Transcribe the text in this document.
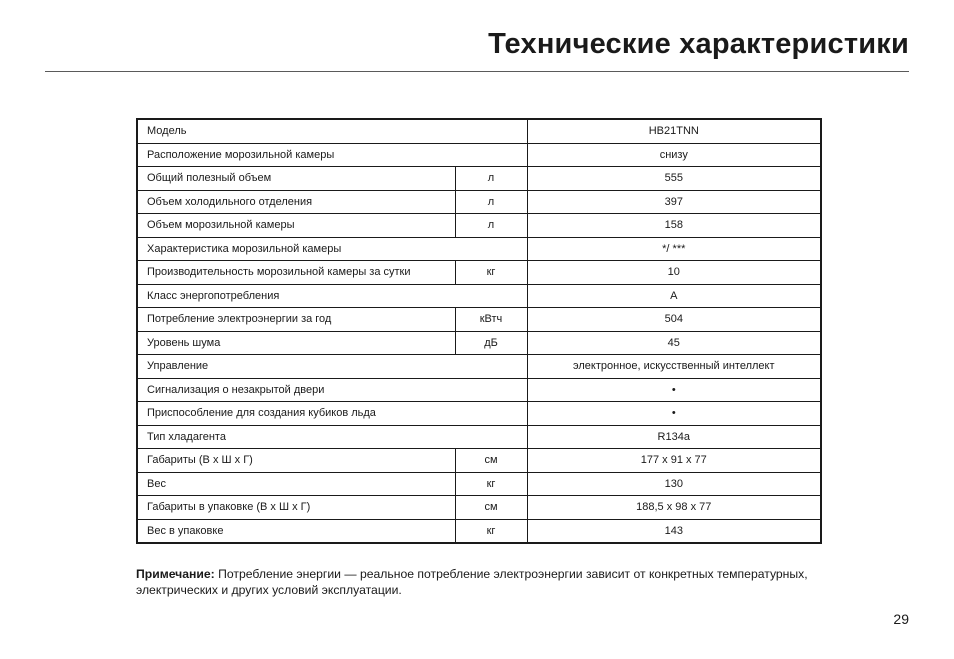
Технические характеристики
Модель		HB21TNN
Расположение морозильной камеры		снизу
Общий полезный объем	л	555
Объем холодильного отделения	л	397
Объем морозильной камеры	л	158
Характеристика морозильной камеры		*/ ***
Производительность морозильной камеры за сутки	кг	10
Класс энергопотребления		A
Потребление электроэнергии за год	кВтч	504
Уровень шума	дБ	45
Управление		электронное, искусственный интеллект
Сигнализация о незакрытой двери		•
Приспособление для создания кубиков льда		•
Тип хладагента		R134a
Габариты (В х Ш х Г)	см	177 x 91 x 77
Вес	кг	130
Габариты в упаковке (В х Ш х Г)	см	188,5 x 98 x 77
Вес в упаковке	кг	143
Примечание: Потребление энергии — реальное потребление электроэнергии зависит от конкретных температурных, электрических и других условий эксплуатации.
29
